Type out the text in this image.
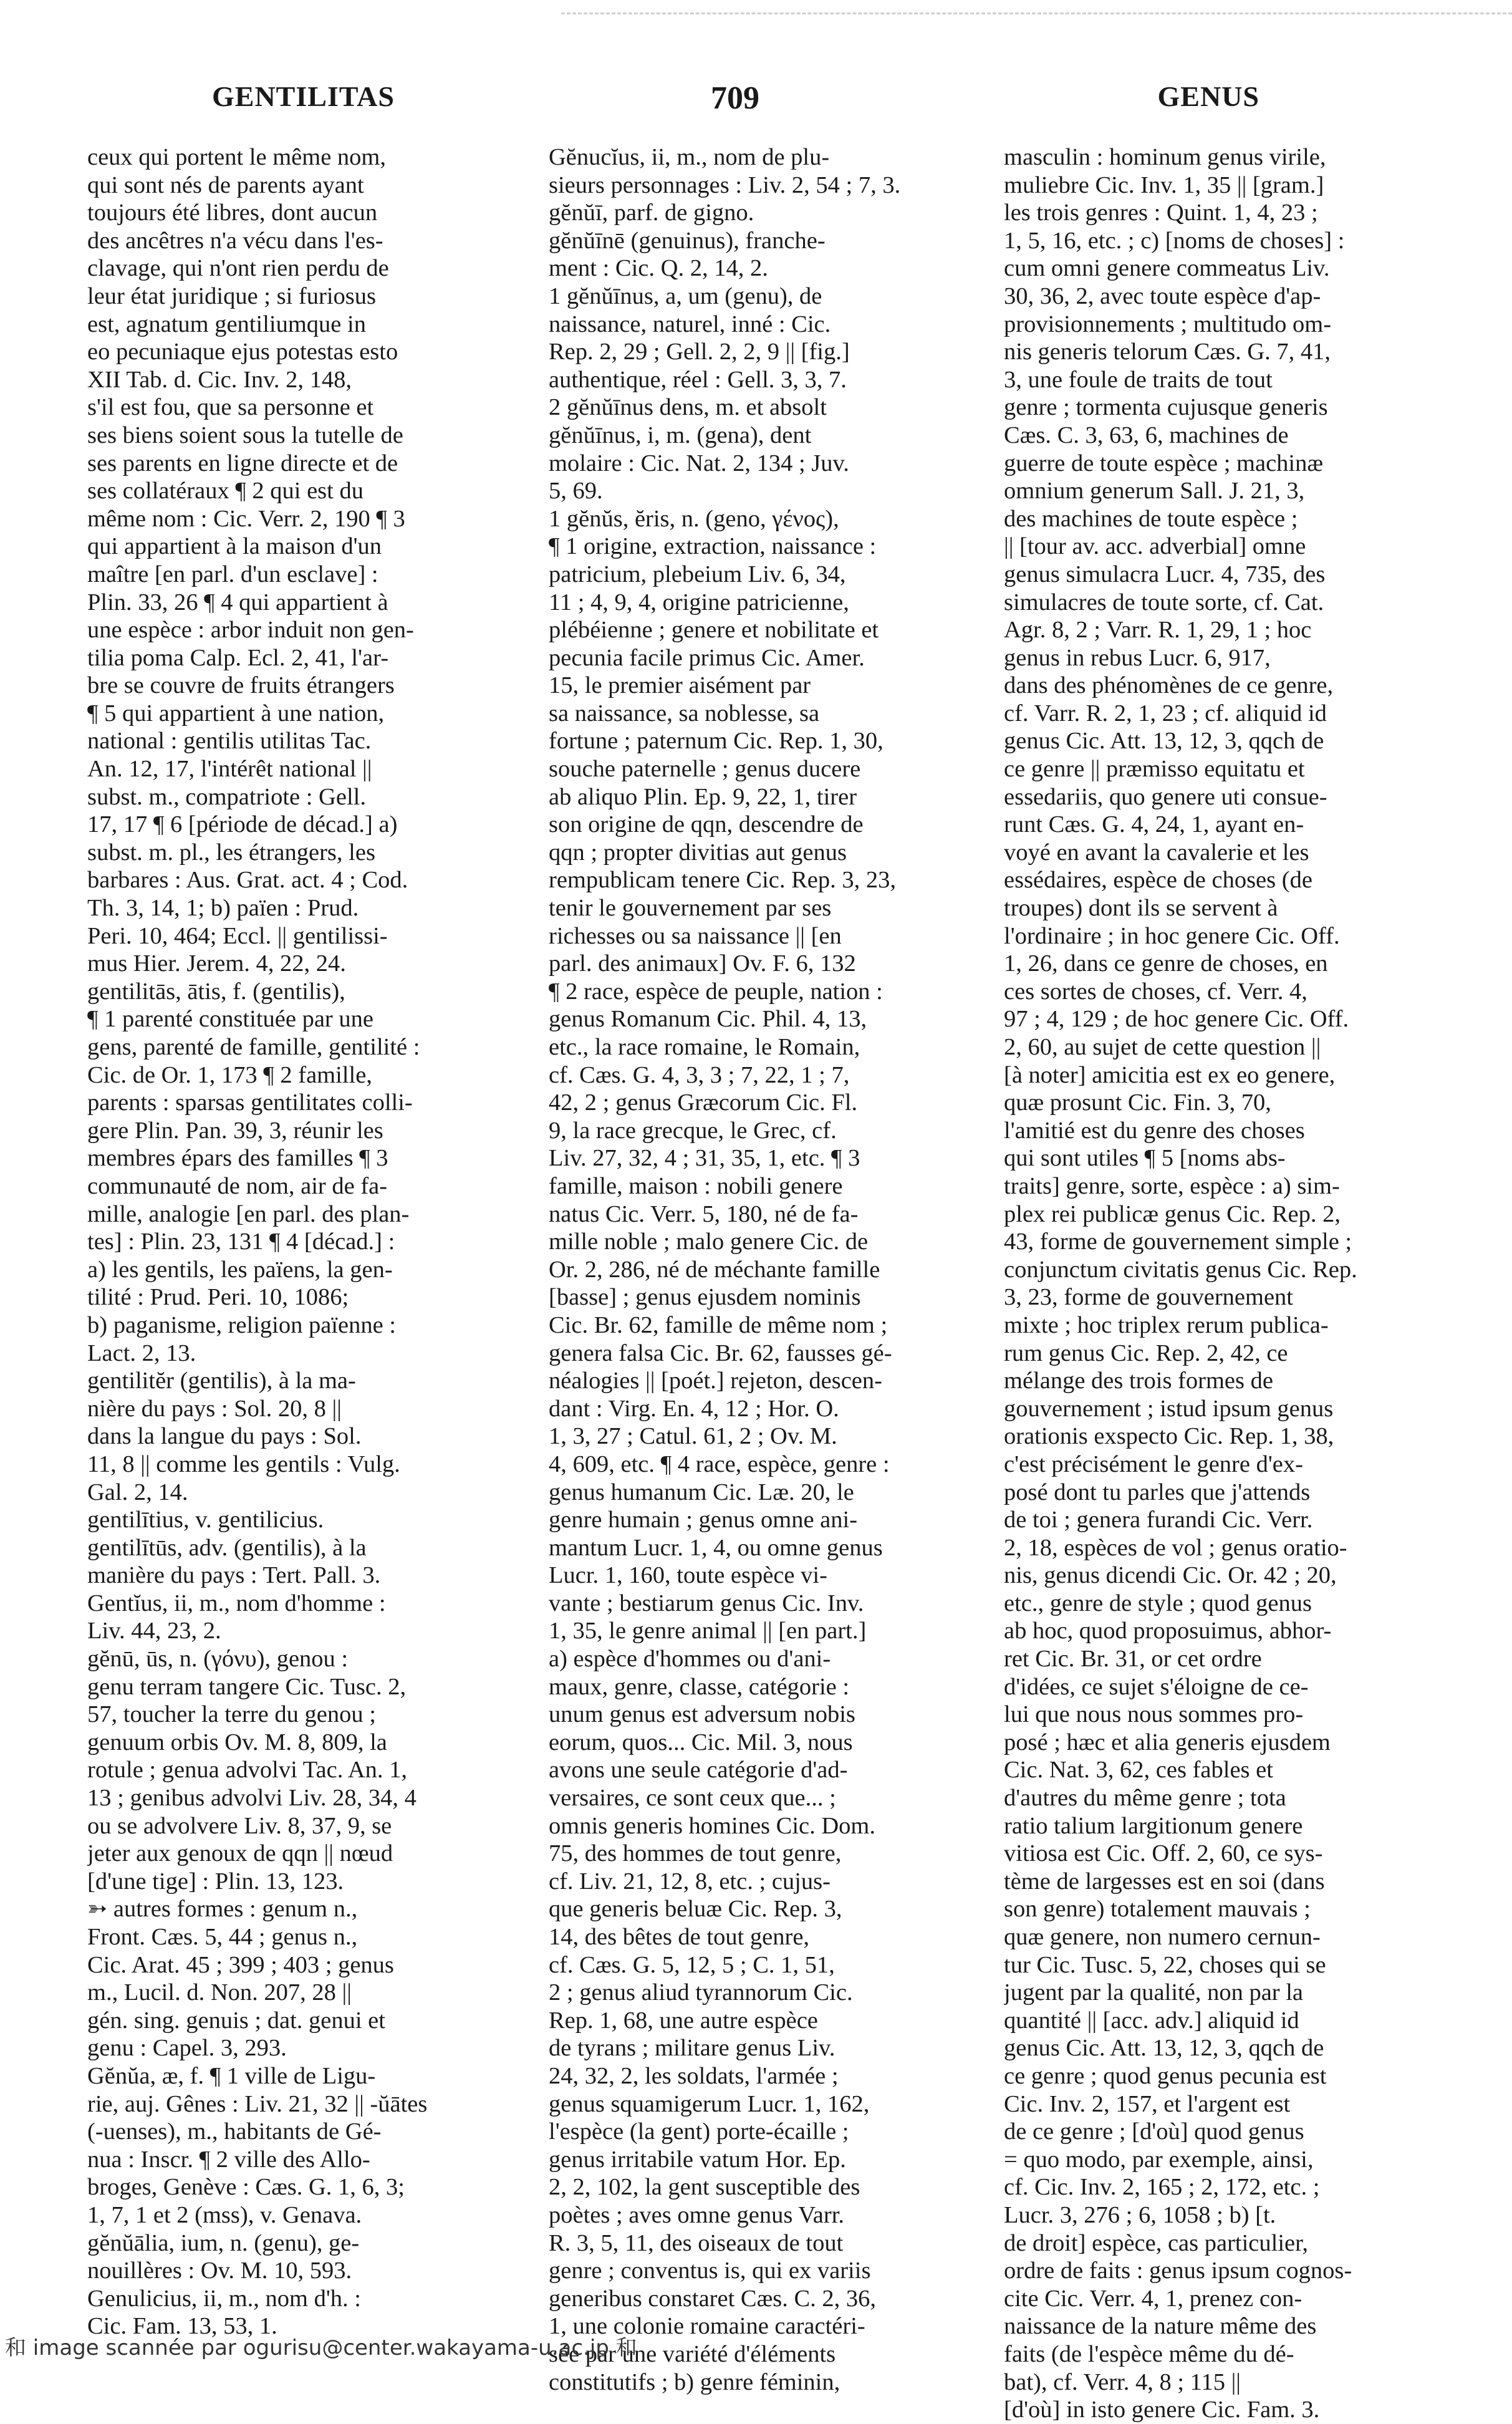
GENTILITAS	709	GENUS
ceux qui portent le même nom,
qui sont nés de parents ayant
toujours été libres, dont aucun
des ancêtres n'a vécu dans l'es-
clavage, qui n'ont rien perdu de
leur état juridique ; si furiosus
est, agnatum gentiliumque in
eo pecuniaque ejus potestas esto
XII Tab. d. Cic. Inv. 2, 148,
s'il est fou, que sa personne et
ses biens soient sous la tutelle de
ses parents en ligne directe et de
ses collatéraux ¶ 2 qui est du
même nom : Cic. Verr. 2, 190 ¶ 3
qui appartient à la maison d'un
maître [en parl. d'un esclave] :
Plin. 33, 26 ¶ 4 qui appartient à
une espèce : arbor induit non gen-
tilia poma Calp. Ecl. 2, 41, l'ar-
bre se couvre de fruits étrangers
¶ 5 qui appartient à une nation,
national : gentilis utilitas Tac.
An. 12, 17, l'intérêt national ||
subst. m., compatriote : Gell.
17, 17 ¶ 6 [période de décad.] a)
subst. m. pl., les étrangers, les
barbares : Aus. Grat. act. 4 ; Cod.
Th. 3, 14, 1; b) païen : Prud.
Peri. 10, 464; Eccl. || gentilissi-
mus Hier. Jerem. 4, 22, 24.
gentilitās, ātis, f. (gentilis),
¶ 1 parenté constituée par une
gens, parenté de famille, gentilité :
Cic. de Or. 1, 173 ¶ 2 famille,
parents : sparsas gentilitates colli-
gere Plin. Pan. 39, 3, réunir les
membres épars des familles ¶ 3
communauté de nom, air de fa-
mille, analogie [en parl. des plan-
tes] : Plin. 23, 131 ¶ 4 [décad.] :
a) les gentils, les païens, la gen-
tilité : Prud. Peri. 10, 1086;
b) paganisme, religion païenne :
Lact. 2, 13.
gentilitĕr (gentilis), à la ma-
nière du pays : Sol. 20, 8 ||
dans la langue du pays : Sol.
11, 8 || comme les gentils : Vulg.
Gal. 2, 14.
gentilītius, v. gentilicius.
gentilītūs, adv. (gentilis), à la
manière du pays : Tert. Pall. 3.
Gentĭus, ii, m., nom d'homme :
Liv. 44, 23, 2.
gĕnū, ūs, n. (γόνυ), genou :
genu terram tangere Cic. Tusc. 2,
57, toucher la terre du genou ;
genuum orbis Ov. M. 8, 809, la
rotule ; genua advolvi Tac. An. 1,
13 ; genibus advolvi Liv. 28, 34, 4
ou se advolvere Liv. 8, 37, 9, se
jeter aux genoux de qqn || nœud
[d'une tige] : Plin. 13, 123.
➳ autres formes : genum n.,
Front. Cæs. 5, 44 ; genus n.,
Cic. Arat. 45 ; 399 ; 403 ; genus
m., Lucil. d. Non. 207, 28 ||
gén. sing. genuis ; dat. genui et
genu : Capel. 3, 293.
Gĕnŭa, æ, f. ¶ 1 ville de Ligu-
rie, auj. Gênes : Liv. 21, 32 || -ŭātes
(-uenses), m., habitants de Gé-
nua : Inscr. ¶ 2 ville des Allo-
broges, Genève : Cæs. G. 1, 6, 3;
1, 7, 1 et 2 (mss), v. Genava.
gĕnŭālia, ium, n. (genu), ge-
nouillères : Ov. M. 10, 593.
Genulicius, ii, m., nom d'h. :
Cic. Fam. 13, 53, 1.
Gĕnucĭus, ii, m., nom de plu-
sieurs personnages : Liv. 2, 54 ; 7, 3.
gĕnŭī, parf. de gigno.
gĕnŭīnē (genuinus), franche-
ment : Cic. Q. 2, 14, 2.
1 gĕnŭīnus, a, um (genu), de
naissance, naturel, inné : Cic.
Rep. 2, 29 ; Gell. 2, 2, 9 || [fig.]
authentique, réel : Gell. 3, 3, 7.
2 gĕnŭīnus dens, m. et absolt
gĕnŭīnus, i, m. (gena), dent
molaire : Cic. Nat. 2, 134 ; Juv.
5, 69.
1 gĕnŭs, ĕris, n. (geno, γένος),
¶ 1 origine, extraction, naissance :
patricium, plebeium Liv. 6, 34,
11 ; 4, 9, 4, origine patricienne,
plébéienne ; genere et nobilitate et
pecunia facile primus Cic. Amer.
15, le premier aisément par
sa naissance, sa noblesse, sa
fortune ; paternum Cic. Rep. 1, 30,
souche paternelle ; genus ducere
ab aliquo Plin. Ep. 9, 22, 1, tirer
son origine de qqn, descendre de
qqn ; propter divitias aut genus
rempublicam tenere Cic. Rep. 3, 23,
tenir le gouvernement par ses
richesses ou sa naissance || [en
parl. des animaux] Ov. F. 6, 132
¶ 2 race, espèce de peuple, nation :
genus Romanum Cic. Phil. 4, 13,
etc., la race romaine, le Romain,
cf. Cæs. G. 4, 3, 3 ; 7, 22, 1 ; 7,
42, 2 ; genus Græcorum Cic. Fl.
9, la race grecque, le Grec, cf.
Liv. 27, 32, 4 ; 31, 35, 1, etc. ¶ 3
famille, maison : nobili genere
natus Cic. Verr. 5, 180, né de fa-
mille noble ; malo genere Cic. de
Or. 2, 286, né de méchante famille
[basse] ; genus ejusdem nominis
Cic. Br. 62, famille de même nom ;
genera falsa Cic. Br. 62, fausses gé-
néalogies || [poét.] rejeton, descen-
dant : Virg. En. 4, 12 ; Hor. O.
1, 3, 27 ; Catul. 61, 2 ; Ov. M.
4, 609, etc. ¶ 4 race, espèce, genre :
genus humanum Cic. Læ. 20, le
genre humain ; genus omne ani-
mantum Lucr. 1, 4, ou omne genus
Lucr. 1, 160, toute espèce vi-
vante ; bestiarum genus Cic. Inv.
1, 35, le genre animal || [en part.]
a) espèce d'hommes ou d'ani-
maux, genre, classe, catégorie :
unum genus est adversum nobis
eorum, quos... Cic. Mil. 3, nous
avons une seule catégorie d'ad-
versaires, ce sont ceux que... ;
omnis generis homines Cic. Dom.
75, des hommes de tout genre,
cf. Liv. 21, 12, 8, etc. ; cujus-
que generis beluæ Cic. Rep. 3,
14, des bêtes de tout genre,
cf. Cæs. G. 5, 12, 5 ; C. 1, 51,
2 ; genus aliud tyrannorum Cic.
Rep. 1, 68, une autre espèce
de tyrans ; militare genus Liv.
24, 32, 2, les soldats, l'armée ;
genus squamigerum Lucr. 1, 162,
l'espèce (la gent) porte-écaille ;
genus irritabile vatum Hor. Ep.
2, 2, 102, la gent susceptible des
poètes ; aves omne genus Varr.
R. 3, 5, 11, des oiseaux de tout
genre ; conventus is, qui ex variis
generibus constaret Cæs. C. 2, 36,
1, une colonie romaine caractéri-
sée par une variété d'éléments
constitutifs ; b) genre féminin,
masculin : hominum genus virile,
muliebre Cic. Inv. 1, 35 || [gram.]
les trois genres : Quint. 1, 4, 23 ;
1, 5, 16, etc. ; c) [noms de choses] :
cum omni genere commeatus Liv.
30, 36, 2, avec toute espèce d'ap-
provisionnements ; multitudo om-
nis generis telorum Cæs. G. 7, 41,
3, une foule de traits de tout
genre ; tormenta cujusque generis
Cæs. C. 3, 63, 6, machines de
guerre de toute espèce ; machinæ
omnium generum Sall. J. 21, 3,
des machines de toute espèce ;
|| [tour av. acc. adverbial] omne
genus simulacra Lucr. 4, 735, des
simulacres de toute sorte, cf. Cat.
Agr. 8, 2 ; Varr. R. 1, 29, 1 ; hoc
genus in rebus Lucr. 6, 917,
dans des phénomènes de ce genre,
cf. Varr. R. 2, 1, 23 ; cf. aliquid id
genus Cic. Att. 13, 12, 3, qqch de
ce genre || præmisso equitatu et
essedariis, quo genere uti consue-
runt Cæs. G. 4, 24, 1, ayant en-
voyé en avant la cavalerie et les
essédaires, espèce de choses (de
troupes) dont ils se servent à
l'ordinaire ; in hoc genere Cic. Off.
1, 26, dans ce genre de choses, en
ces sortes de choses, cf. Verr. 4,
97 ; 4, 129 ; de hoc genere Cic. Off.
2, 60, au sujet de cette question ||
[à noter] amicitia est ex eo genere,
quæ prosunt Cic. Fin. 3, 70,
l'amitié est du genre des choses
qui sont utiles ¶ 5 [noms abs-
traits] genre, sorte, espèce : a) sim-
plex rei publicæ genus Cic. Rep. 2,
43, forme de gouvernement simple ;
conjunctum civitatis genus Cic. Rep.
3, 23, forme de gouvernement
mixte ; hoc triplex rerum publica-
rum genus Cic. Rep. 2, 42, ce
mélange des trois formes de
gouvernement ; istud ipsum genus
orationis exspecto Cic. Rep. 1, 38,
c'est précisément le genre d'ex-
posé dont tu parles que j'attends
de toi ; genera furandi Cic. Verr.
2, 18, espèces de vol ; genus oratio-
nis, genus dicendi Cic. Or. 42 ; 20,
etc., genre de style ; quod genus
ab hoc, quod proposuimus, abhor-
ret Cic. Br. 31, or cet ordre
d'idées, ce sujet s'éloigne de ce-
lui que nous nous sommes pro-
posé ; hæc et alia generis ejusdem
Cic. Nat. 3, 62, ces fables et
d'autres du même genre ; tota
ratio talium largitionum genere
vitiosa est Cic. Off. 2, 60, ce sys-
tème de largesses est en soi (dans
son genre) totalement mauvais ;
quæ genere, non numero cernun-
tur Cic. Tusc. 5, 22, choses qui se
jugent par la qualité, non par la
quantité || [acc. adv.] aliquid id
genus Cic. Att. 13, 12, 3, qqch de
ce genre ; quod genus pecunia est
Cic. Inv. 2, 157, et l'argent est
de ce genre ; [d'où] quod genus
= quo modo, par exemple, ainsi,
cf. Cic. Inv. 2, 165 ; 2, 172, etc. ;
Lucr. 3, 276 ; 6, 1058 ; b) [t.
de droit] espèce, cas particulier,
ordre de faits : genus ipsum cognos-
cite Cic. Verr. 4, 1, prenez con-
naissance de la nature même des
faits (de l'espèce même du dé-
bat), cf. Verr. 4, 8 ; 115 ||
[d'où] in isto genere Cic. Fam. 3.
和 image scannée par ogurisu@center.wakayama-u.ac.jp 和
